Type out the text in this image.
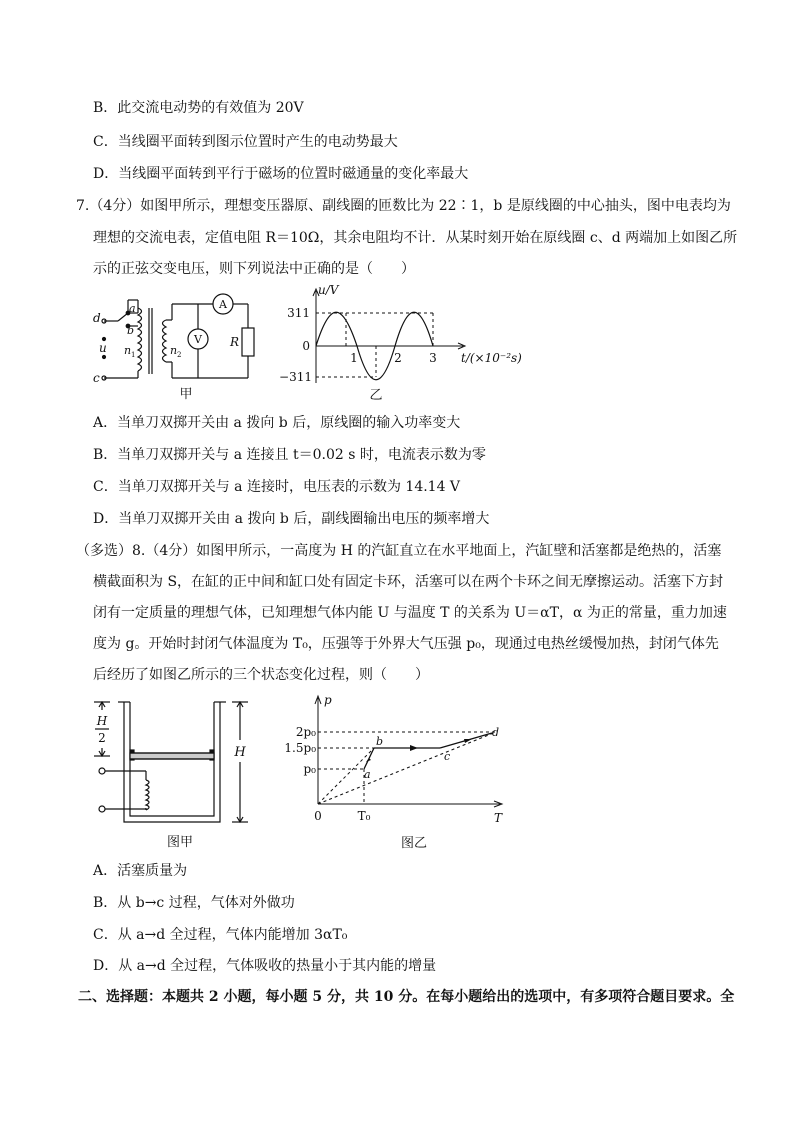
B．此交流电动势的有效值为 20V
C．当线圈平面转到图示位置时产生的电动势最大
D．当线圈平面转到平行于磁场的位置时磁通量的变化率最大
7.（4分）如图甲所示，理想变压器原、副线圈的匝数比为 22∶1，b 是原线圈的中心抽头，图中电表均为
理想的交流电表，定值电阻 R＝10Ω，其余电阻均不计．从某时刻开始在原线圈 c、d 两端加上如图乙所
示的正弦交变电压，则下列说法中正确的是（　　）
d
a
b
u
c
n 1	n 2
A
V R
甲
u/V
311
0
−311
1	2 3 t/(×10⁻²s)
乙
A．当单刀双掷开关由 a 拨向 b 后，原线圈的输入功率变大
B．当单刀双掷开关与 a 连接且 t＝0.02 s 时，电流表示数为零
C．当单刀双掷开关与 a 连接时，电压表的示数为 14.14 V
D．当单刀双掷开关由 a 拨向 b 后，副线圈输出电压的频率增大
（多选）8.（4分）如图甲所示，一高度为 H 的汽缸直立在水平地面上，汽缸壁和活塞都是绝热的，活塞
横截面积为 S，在缸的正中间和缸口处有固定卡环，活塞可以在两个卡环之间无摩擦运动。活塞下方封
闭有一定质量的理想气体，已知理想气体内能 U 与温度 T 的关系为 U＝αT，α 为正的常量，重力加速
度为 g。开始时封闭气体温度为 T₀，压强等于外界大气压强 p₀，现通过电热丝缓慢加热，封闭气体先
后经历了如图乙所示的三个状态变化过程，则（　　）
H
2
H
图甲
p
2p₀
1.5p₀
p₀
0	T₀	T
a
b
c
d
图乙
A．活塞质量为
B．从 b→c 过程，气体对外做功
C．从 a→d 全过程，气体内能增加 3αT₀
D．从 a→d 全过程，气体吸收的热量小于其内能的增量
二、选择题：本题共 2 小题，每小题 5 分，共 10 分。在每小题给出的选项中，有多项符合题目要求。全
